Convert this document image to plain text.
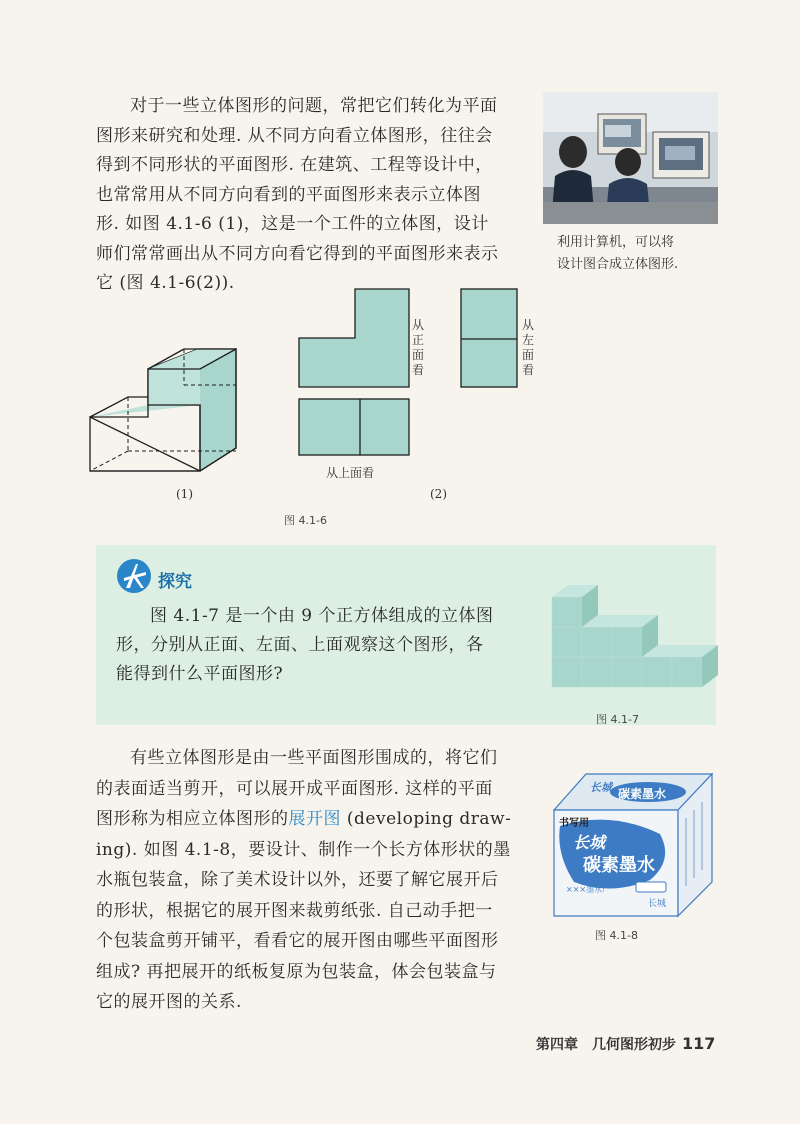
对于一些立体图形的问题，常把它们转化为平面
图形来研究和处理. 从不同方向看立体图形，往往会
得到不同形状的平面图形. 在建筑、工程等设计中，
也常常用从不同方向看到的平面图形来表示立体图
形. 如图 4.1-6 (1)，这是一个工件的立体图，设计
师们常常画出从不同方向看它得到的平面图形来表示
它 (图 4.1-6(2)).
利用计算机，可以将
设计图合成立体图形.
(1)
从
正
面
看
从
左
面
看
从上面看
(2)
图 4.1-6
探究
图 4.1-7 是一个由 9 个正方体组成的立体图
形，分别从正面、左面、上面观察这个图形，各
能得到什么平面图形?
图 4.1-7
有些立体图形是由一些平面图形围成的，将它们
的表面适当剪开，可以展开成平面图形. 这样的平面
图形称为相应立体图形的展开图 (developing draw-
ing). 如图 4.1-8，要设计、制作一个长方体形状的墨
水瓶包装盒，除了美术设计以外，还要了解它展开后
的形状，根据它的展开图来裁剪纸张. 自己动手把一
个包装盒剪开铺平，看看它的展开图由哪些平面图形
组成? 再把展开的纸板复原为包装盒，体会包装盒与
它的展开图的关系.
长城 碳素墨水
书写用
长城
碳素墨水
×××墨水厂
长城
图 4.1-8
第四章　几何图形初步 117
